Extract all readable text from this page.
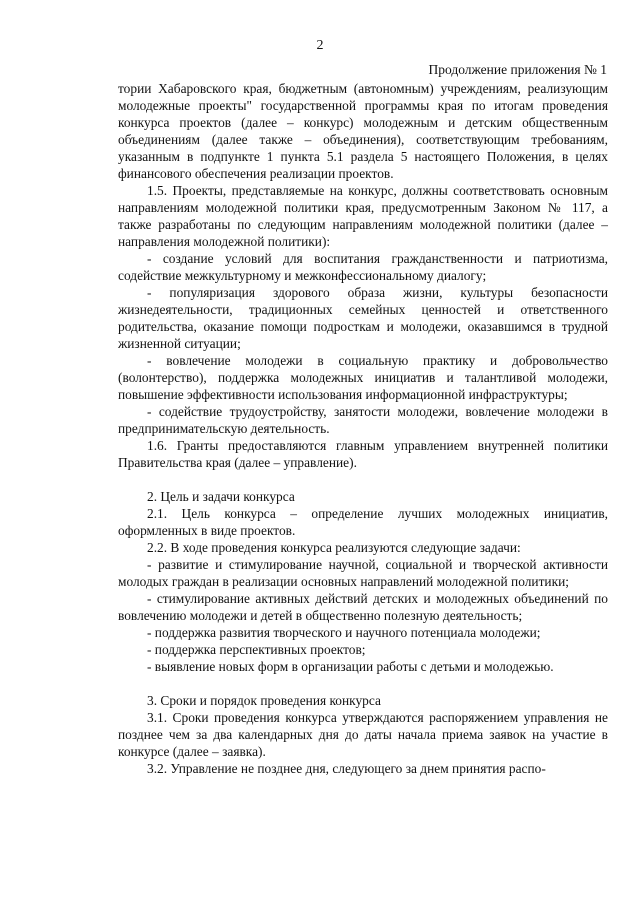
2
Продолжение приложения № 1

тории Хабаровского края, бюджетным (автономным) учреждениям, реализующим молодежные проекты" государственной программы края по итогам проведения конкурса проектов (далее – конкурс) молодежным и детским общественным объединениям (далее также – объединения), соответствующим требованиям, указанным в подпункте 1 пункта 5.1 раздела 5 настоящего Положения, в целях финансового обеспечения реализации проектов.

1.5. Проекты, представляемые на конкурс, должны соответствовать основным направлениям молодежной политики края, предусмотренным Законом № 117, а также разработаны по следующим направлениям молодежной политики (далее – направления молодежной политики):

- создание условий для воспитания гражданственности и патриотизма, содействие межкультурному и межконфессиональному диалогу;

- популяризация здорового образа жизни, культуры безопасности жизнедеятельности, традиционных семейных ценностей и ответственного родительства, оказание помощи подросткам и молодежи, оказавшимся в трудной жизненной ситуации;

- вовлечение молодежи в социальную практику и добровольчество (волонтерство), поддержка молодежных инициатив и талантливой молодежи, повышение эффективности использования информационной инфраструктуры;

- содействие трудоустройству, занятости молодежи, вовлечение молодежи в предпринимательскую деятельность.

1.6. Гранты предоставляются главным управлением внутренней политики Правительства края (далее – управление).

2. Цель и задачи конкурса

2.1. Цель конкурса – определение лучших молодежных инициатив, оформленных в виде проектов.

2.2. В ходе проведения конкурса реализуются следующие задачи:

- развитие и стимулирование научной, социальной и творческой активности молодых граждан в реализации основных направлений молодежной политики;

- стимулирование активных действий детских и молодежных объединений по вовлечению молодежи и детей в общественно полезную деятельность;

- поддержка развития творческого и научного потенциала молодежи;

- поддержка перспективных проектов;

- выявление новых форм в организации работы с детьми и молодежью.

3. Сроки и порядок проведения конкурса

3.1. Сроки проведения конкурса утверждаются распоряжением управления не позднее чем за два календарных дня до даты начала приема заявок на участие в конкурсе (далее – заявка).

3.2. Управление не позднее дня, следующего за днем принятия распо-
